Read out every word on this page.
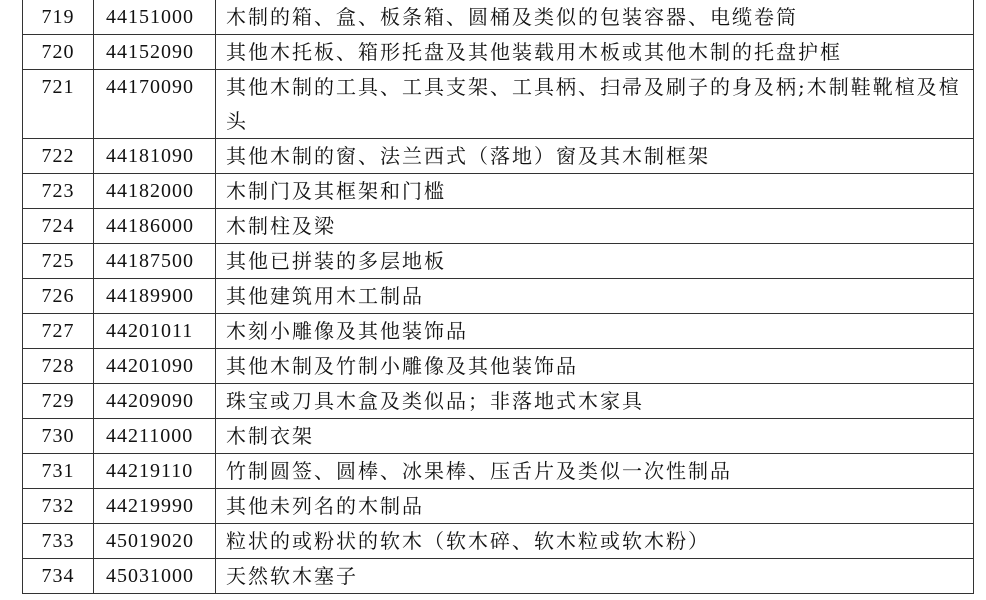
719	44151000	木制的箱、盒、板条箱、圆桶及类似的包装容器、电缆卷筒
720	44152090	其他木托板、箱形托盘及其他装载用木板或其他木制的托盘护框
721	44170090	其他木制的工具、工具支架、工具柄、扫帚及刷子的身及柄;木制鞋靴楦及楦头
722	44181090	其他木制的窗、法兰西式（落地）窗及其木制框架
723	44182000	木制门及其框架和门槛
724	44186000	木制柱及梁
725	44187500	其他已拼装的多层地板
726	44189900	其他建筑用木工制品
727	44201011	木刻小雕像及其他装饰品
728	44201090	其他木制及竹制小雕像及其他装饰品
729	44209090	珠宝或刀具木盒及类似品；非落地式木家具
730	44211000	木制衣架
731	44219110	竹制圆签、圆棒、冰果棒、压舌片及类似一次性制品
732	44219990	其他未列名的木制品
733	45019020	粒状的或粉状的软木（软木碎、软木粒或软木粉）
734	45031000	天然软木塞子
